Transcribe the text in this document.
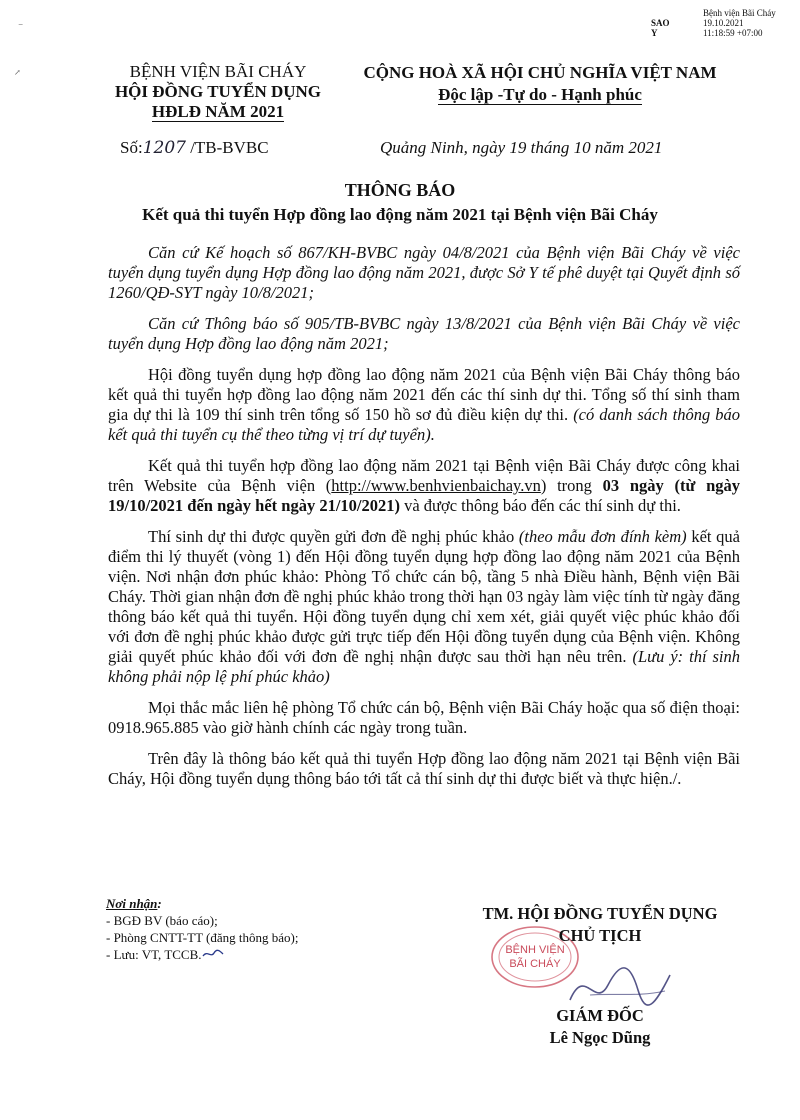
⁻
↗
SAO Y
Bệnh viện Bãi Cháy
19.10.2021
11:18:59 +07:00
BỆNH VIỆN BÃI CHÁY
HỘI ĐỒNG TUYỂN DỤNG
HĐLĐ NĂM 2021
CỘNG HOÀ XÃ HỘI CHỦ NGHĨA VIỆT NAM
Độc lập -Tự do - Hạnh phúc
Số:1207 /TB-BVBC	Quảng Ninh, ngày 19 tháng 10 năm 2021
THÔNG BÁO
Kết quả thi tuyển Hợp đồng lao động năm 2021 tại Bệnh viện Bãi Cháy

Căn cứ Kế hoạch số 867/KH-BVBC ngày 04/8/2021 của Bệnh viện Bãi Cháy về việc tuyển dụng tuyển dụng Hợp đồng lao động năm 2021, được Sở Y tế phê duyệt tại Quyết định số 1260/QĐ-SYT ngày 10/8/2021;

Căn cứ Thông báo số 905/TB-BVBC ngày 13/8/2021 của Bệnh viện Bãi Cháy về việc tuyển dụng Hợp đồng lao động năm 2021;

Hội đồng tuyển dụng hợp đồng lao động năm 2021 của Bệnh viện Bãi Cháy thông báo kết quả thi tuyển hợp đồng lao động năm 2021 đến các thí sinh dự thi. Tổng số thí sinh tham gia dự thi là 109 thí sinh trên tổng số 150 hồ sơ đủ điều kiện dự thi. (có danh sách thông báo kết quả thi tuyển cụ thể theo từng vị trí dự tuyển).

Kết quả thi tuyển hợp đồng lao động năm 2021 tại Bệnh viện Bãi Cháy được công khai trên Website của Bệnh viện (http://www.benhvienbaichay.vn) trong 03 ngày (từ ngày 19/10/2021 đến ngày hết ngày 21/10/2021) và được thông báo đến các thí sinh dự thi.

Thí sinh dự thi được quyền gửi đơn đề nghị phúc khảo (theo mẫu đơn đính kèm) kết quả điểm thi lý thuyết (vòng 1) đến Hội đồng tuyển dụng hợp đồng lao động năm 2021 của Bệnh viện. Nơi nhận đơn phúc khảo: Phòng Tổ chức cán bộ, tầng 5 nhà Điều hành, Bệnh viện Bãi Cháy. Thời gian nhận đơn đề nghị phúc khảo trong thời hạn 03 ngày làm việc tính từ ngày đăng thông báo kết quả thi tuyển. Hội đồng tuyển dụng chỉ xem xét, giải quyết việc phúc khảo đối với đơn đề nghị phúc khảo được gửi trực tiếp đến Hội đồng tuyển dụng của Bệnh viện. Không giải quyết phúc khảo đối với đơn đề nghị nhận được sau thời hạn nêu trên. (Lưu ý: thí sinh không phải nộp lệ phí phúc khảo)

Mọi thắc mắc liên hệ phòng Tổ chức cán bộ, Bệnh viện Bãi Cháy hoặc qua số điện thoại: 0918.965.885 vào giờ hành chính các ngày trong tuần.

Trên đây là thông báo kết quả thi tuyển Hợp đồng lao động năm 2021 tại Bệnh viện Bãi Cháy, Hội đồng tuyển dụng thông báo tới tất cả thí sinh dự thi được biết và thực hiện./.

Nơi nhận:
- BGĐ BV (báo cáo);
- Phòng CNTT-TT (đăng thông báo);
- Lưu: VT, TCCB.	BỆNH VIỆN
BÃI CHÁY
TM. HỘI ĐỒNG TUYỂN DỤNG
CHỦ TỊCH
GIÁM ĐỐC
Lê Ngọc Dũng
